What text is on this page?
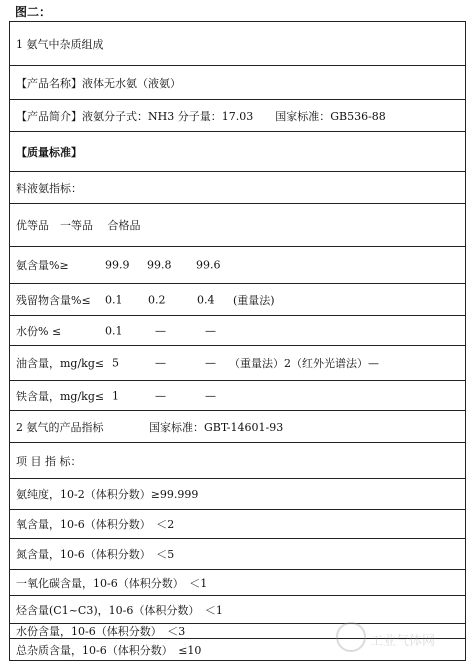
图二：
1 氨气中杂质组成
【产品名称】液体无水氨（液氨）
【产品简介】液氨分子式：NH3 分子量：17.03　　国家标准：GB536-88
【质量标准】
料液氨指标：
优等品　一等品　 合格品
氨含量%≥	99.9 99.8 99.6
残留物含量%≤ 0.1 0.2	0.4 (重量法)
水份% ≤	0.1	—	—
油含量，mg/kg≤ 5	—	— （重量法）2（红外光谱法）—
铁含量，mg/kg≤ 1	—	—
2 氨气的产品指标	国家标准：GBT-14601-93
项 目 指 标：
氨纯度，10-2（体积分数）≥99.999
氧含量，10-6（体积分数）　＜2
氮含量，10-6（体积分数）　＜5
一氧化碳含量，10-6（体积分数）　＜1
烃含量(C1~C3)，10-6（体积分数）　＜1
水份含量，10-6（体积分数）　＜3
总杂质含量，10-6（体积分数）　≤10
工业气体网
